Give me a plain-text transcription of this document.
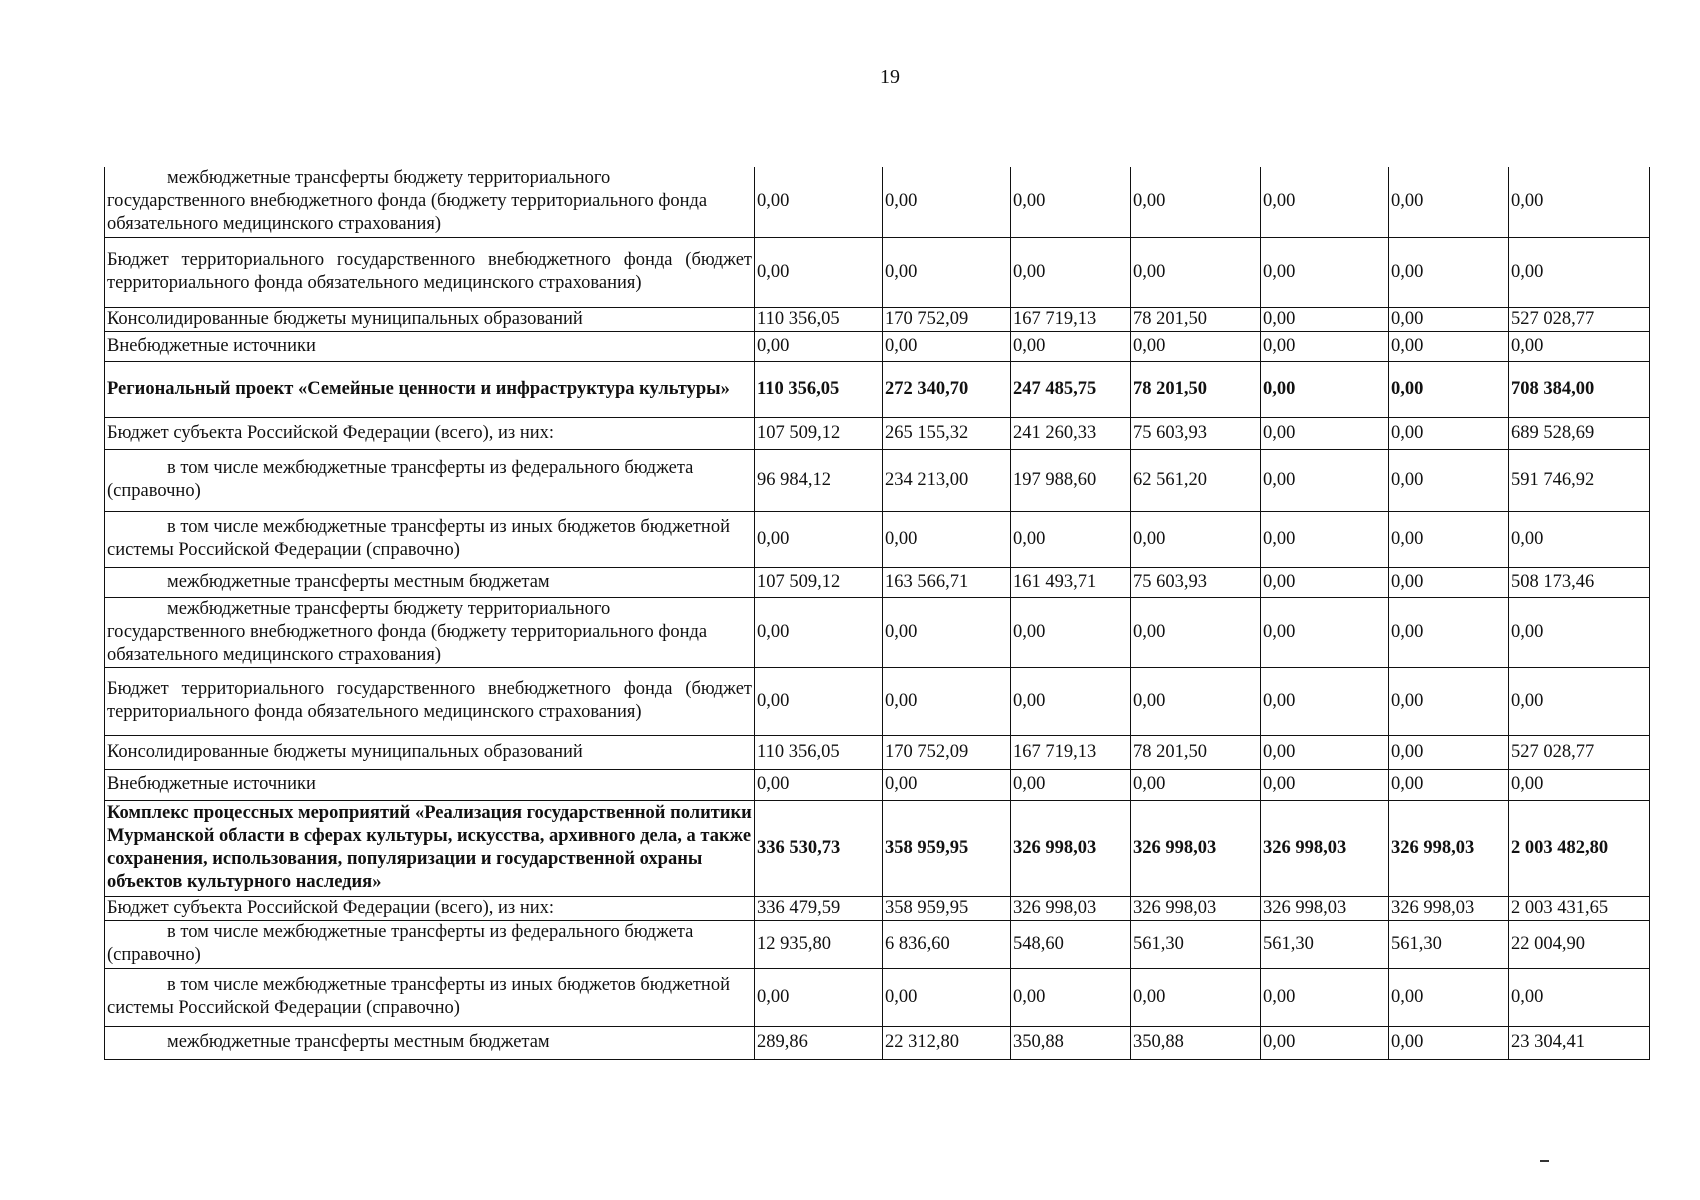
19
межбюджетные трансферты бюджету территориального государственного внебюджетного фонда (бюджету территориального фонда обязательного медицинского страхования)	0,00	0,00	0,00	0,00	0,00	0,00	0,00
Бюджет территориального государственного внебюджетного фонда (бюджет территориального фонда обязательного медицинского страхования)	0,00	0,00	0,00	0,00	0,00	0,00	0,00
Консолидированные бюджеты муниципальных образований	110 356,05	170 752,09	167 719,13	78 201,50	0,00	0,00	527 028,77
Внебюджетные источники	0,00	0,00	0,00	0,00	0,00	0,00	0,00
Региональный проект «Семейные ценности и инфраструктура культуры»	110 356,05	272 340,70	247 485,75	78 201,50	0,00	0,00	708 384,00
Бюджет субъекта Российской Федерации (всего), из них:	107 509,12	265 155,32	241 260,33	75 603,93	0,00	0,00	689 528,69
в том числе межбюджетные трансферты из федерального бюджета (справочно)	96 984,12	234 213,00	197 988,60	62 561,20	0,00	0,00	591 746,92
в том числе межбюджетные трансферты из иных бюджетов бюджетной системы Российской Федерации (справочно)	0,00	0,00	0,00	0,00	0,00	0,00	0,00
межбюджетные трансферты местным бюджетам	107 509,12	163 566,71	161 493,71	75 603,93	0,00	0,00	508 173,46
межбюджетные трансферты бюджету территориального государственного внебюджетного фонда (бюджету территориального фонда обязательного медицинского страхования)	0,00	0,00	0,00	0,00	0,00	0,00	0,00
Бюджет территориального государственного внебюджетного фонда (бюджет территориального фонда обязательного медицинского страхования)	0,00	0,00	0,00	0,00	0,00	0,00	0,00
Консолидированные бюджеты муниципальных образований	110 356,05	170 752,09	167 719,13	78 201,50	0,00	0,00	527 028,77
Внебюджетные источники	0,00	0,00	0,00	0,00	0,00	0,00	0,00
Комплекс процессных мероприятий «Реализация государственной политики Мурманской области в сферах культуры, искусства, архивного дела, а также сохранения, использования, популяризации и государственной охраны объектов культурного наследия»	336 530,73	358 959,95	326 998,03	326 998,03	326 998,03	326 998,03	2 003 482,80
Бюджет субъекта Российской Федерации (всего), из них:	336 479,59	358 959,95	326 998,03	326 998,03	326 998,03	326 998,03	2 003 431,65
в том числе межбюджетные трансферты из федерального бюджета (справочно)	12 935,80	6 836,60	548,60	561,30	561,30	561,30	22 004,90
в том числе межбюджетные трансферты из иных бюджетов бюджетной системы Российской Федерации (справочно)	0,00	0,00	0,00	0,00	0,00	0,00	0,00
межбюджетные трансферты местным бюджетам	289,86	22 312,80	350,88	350,88	0,00	0,00	23 304,41
